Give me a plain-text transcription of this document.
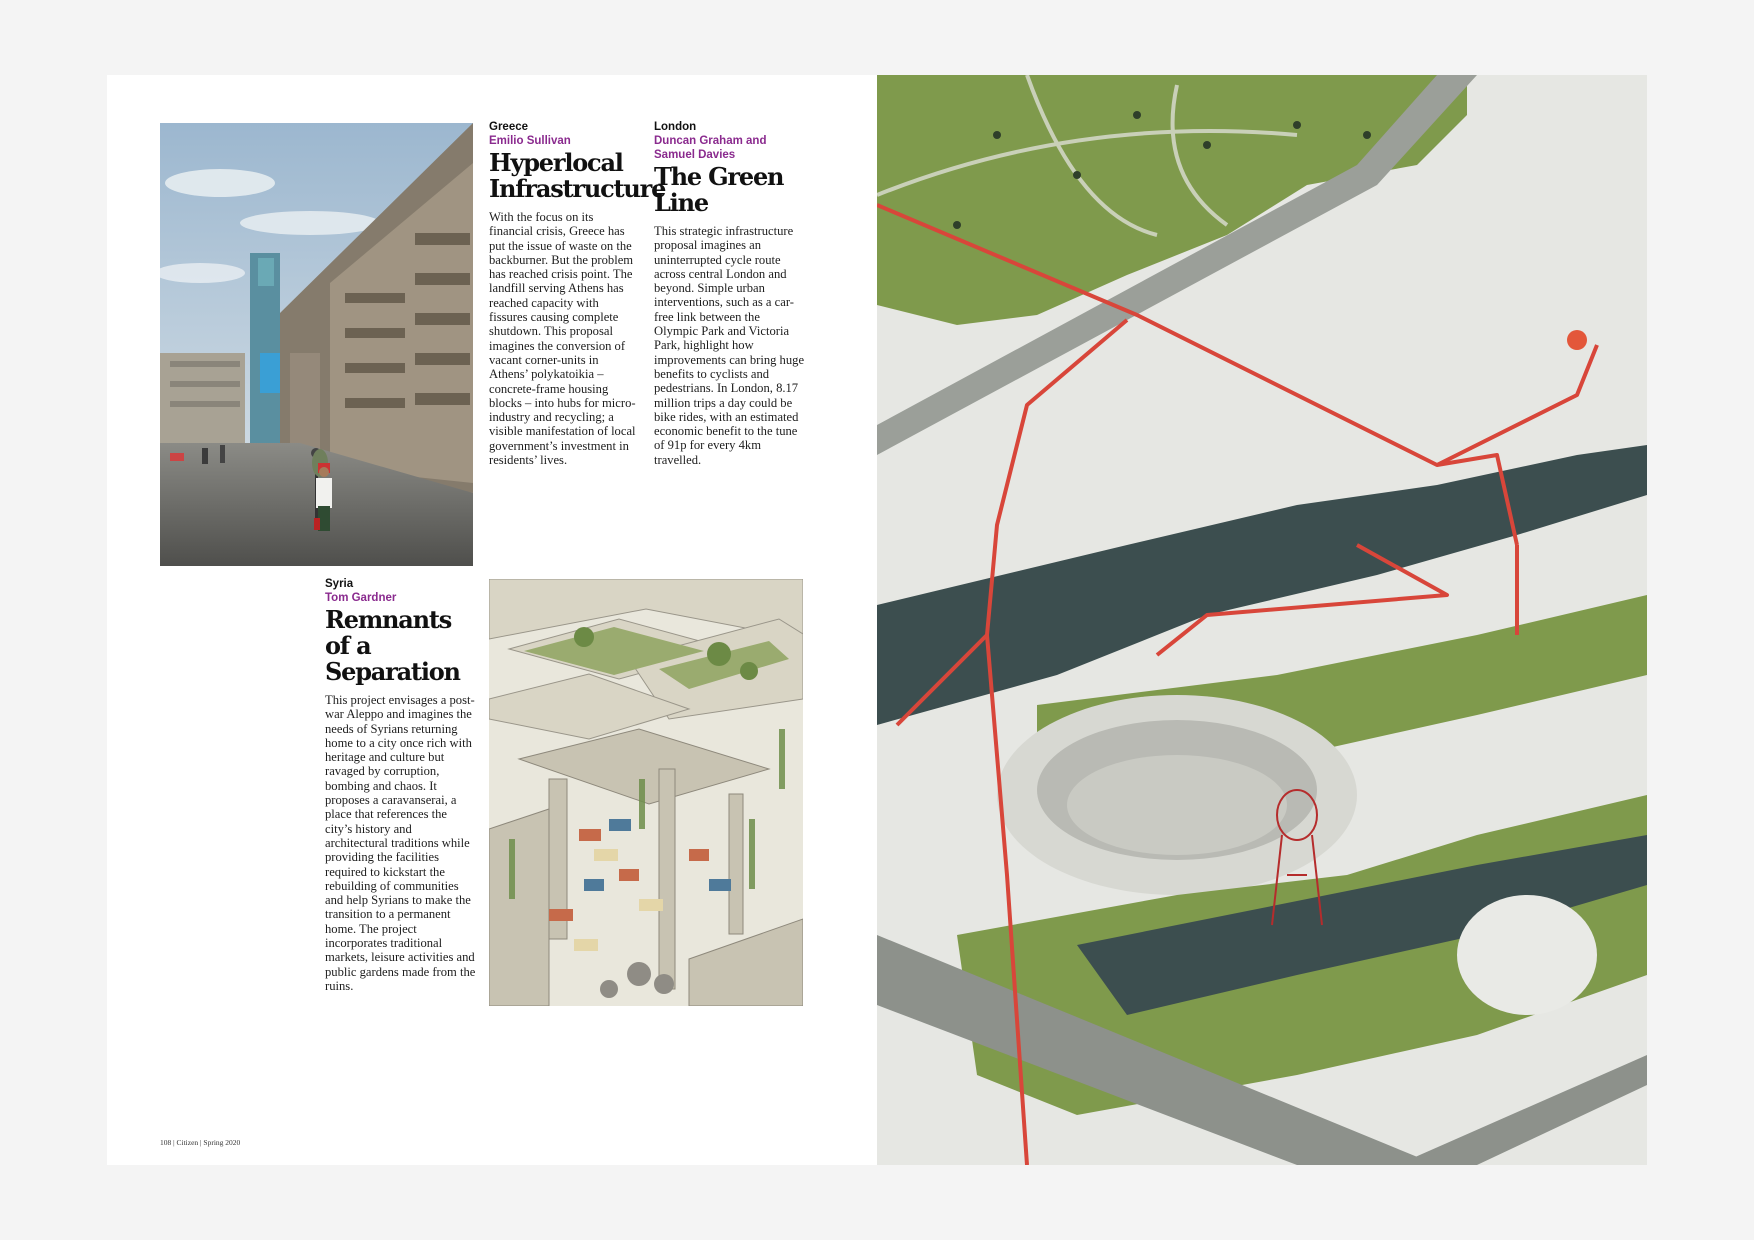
Greece

Emilio Sullivan

Hyperlocal Infrastructure

With the focus on its financial crisis, Greece has put the issue of waste on the backburner. But the problem has reached crisis point. The landfill serving Athens has reached capacity with fissures causing complete shutdown. This proposal imagines the conversion of vacant corner-units in Athens’ polykatoikia – concrete-frame housing blocks – into hubs for micro-industry and recycling; a visible manifestation of local government’s investment in residents’ lives.

London

Duncan Graham and Samuel Davies

The Green Line

This strategic infrastructure proposal imagines an uninterrupted cycle route across central London and beyond. Simple urban interventions, such as a car-free link between the Olympic Park and Victoria Park, highlight how improvements can bring huge benefits to cyclists and pedestrians. In London, 8.17 million trips a day could be bike rides, with an estimated economic benefit to the tune of 91p for every 4km travelled.

Syria

Tom Gardner

Remnants of a Separation

This project envisages a post-war Aleppo and imagines the needs of Syrians returning home to a city once rich with heritage and culture but ravaged by corruption, bombing and chaos. It proposes a caravanserai, a place that references the city’s history and architectural traditions while providing the facilities required to kickstart the rebuilding of communities and help Syrians to make the transition to a permanent home. The project incorporates traditional markets, leisure activities and public gardens made from the ruins.

108 | Citizen | Spring 2020
